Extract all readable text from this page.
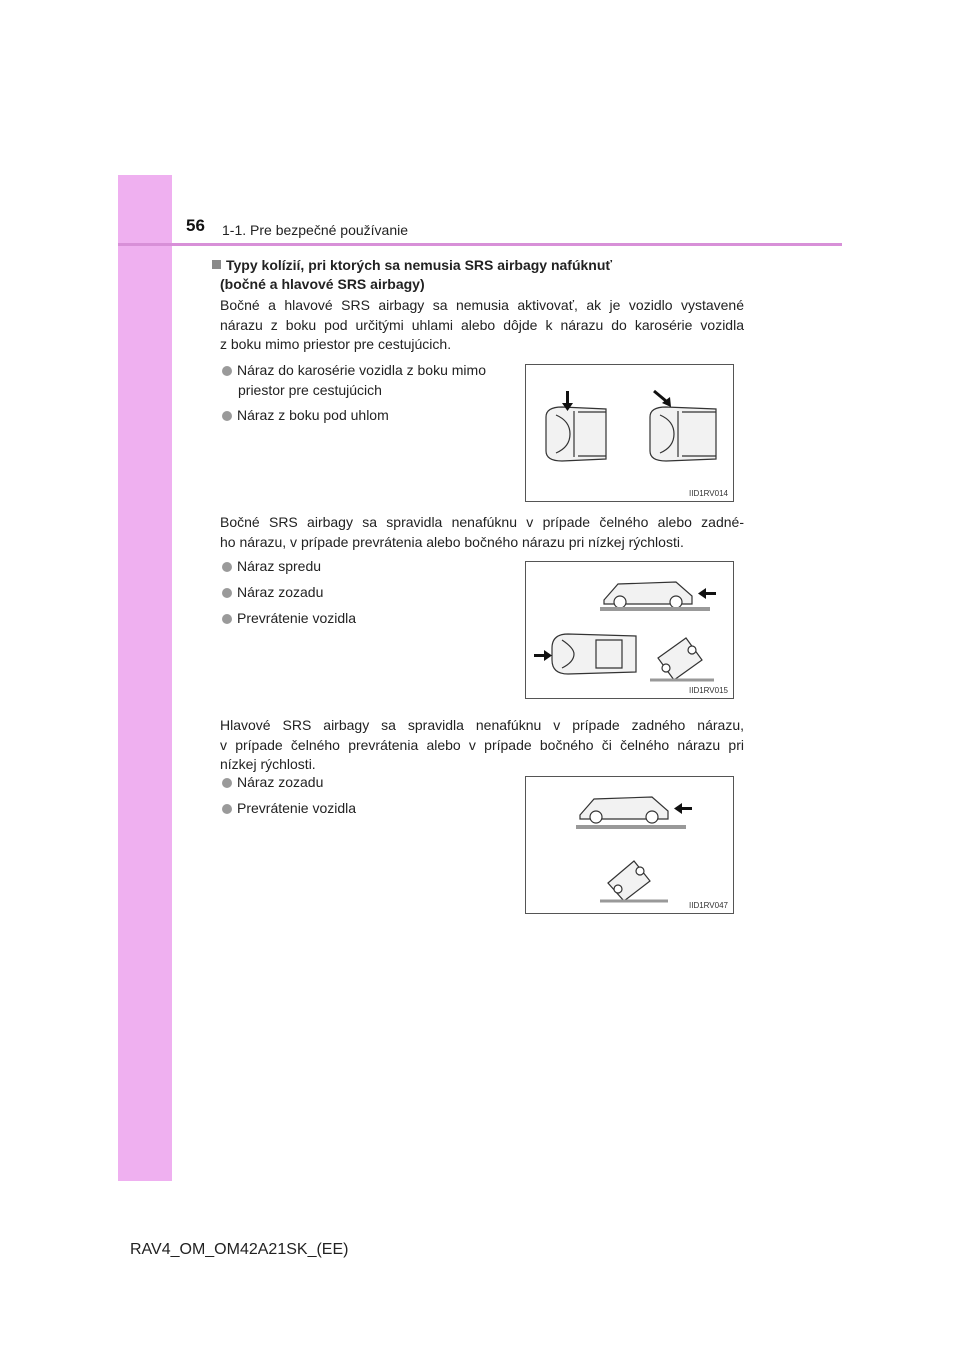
56 1-1. Pre bezpečné používanie
Typy kolízií, pri ktorých sa nemusia SRS airbagy nafúknuť
(bočné a hlavové SRS airbagy)
Bočné a hlavové SRS airbagy sa nemusia aktivovať, ak je vozidlo vystavené
nárazu z boku pod určitými uhlami alebo dôjde k nárazu do karosérie vozidla
z boku mimo priestor pre cestujúcich.
Náraz do karosérie vozidla z boku mimo
priestor pre cestujúcich
Náraz z boku pod uhlom
IID1RV014
Bočné SRS airbagy sa spravidla nenafúknu v prípade čelného alebo zadné-
ho nárazu, v prípade prevrátenia alebo bočného nárazu pri nízkej rýchlosti.
Náraz spredu
Náraz zozadu
Prevrátenie vozidla
IID1RV015
Hlavové SRS airbagy sa spravidla nenafúknu v prípade zadného nárazu,
v prípade čelného prevrátenia alebo v prípade bočného či čelného nárazu pri
nízkej rýchlosti.
Náraz zozadu
Prevrátenie vozidla
IID1RV047
RAV4_OM_OM42A21SK_(EE)
